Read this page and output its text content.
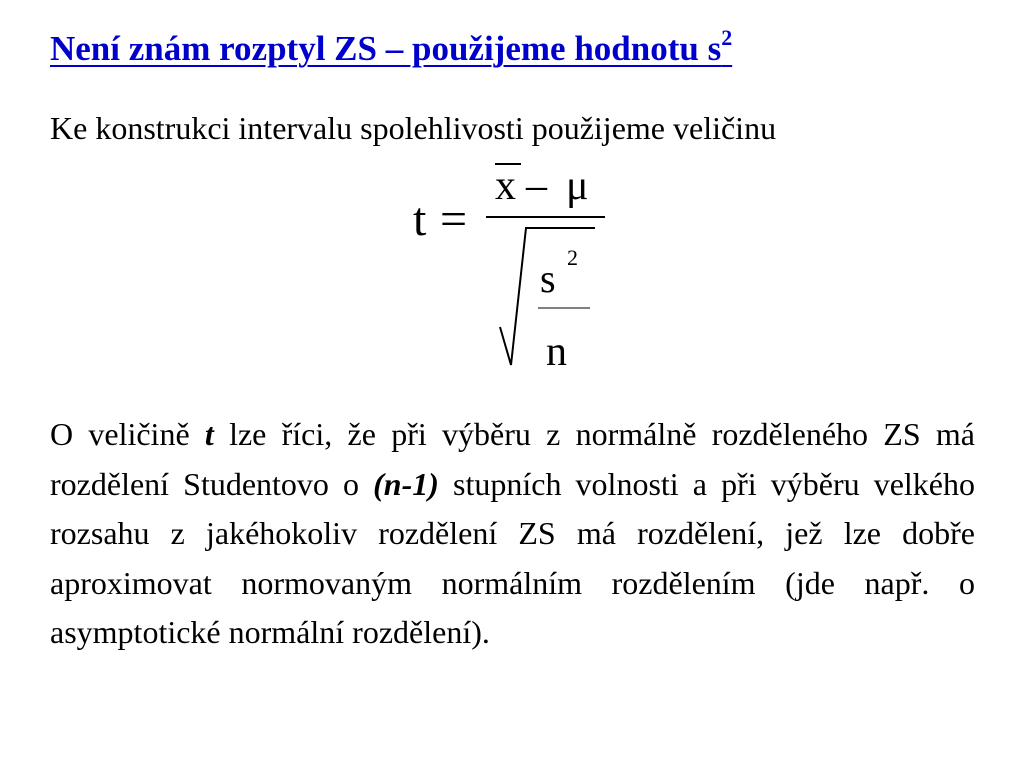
Není znám rozptyl ZS – použijeme hodnotu $s^2$
Ke konstrukci intervalu spolehlivosti použijeme veličinu
t =
x – μ
s 2
n
O veličině t lze říci, že při výběru z normálně rozděleného ZS má rozdělení Studentovo o (n-1) stupních volnosti a při výběru velkého rozsahu z jakéhokoliv rozdělení ZS má rozdělení, jež lze dobře aproximovat normovaným normálním rozdělením (jde např. o asymptotické normální rozdělení).
